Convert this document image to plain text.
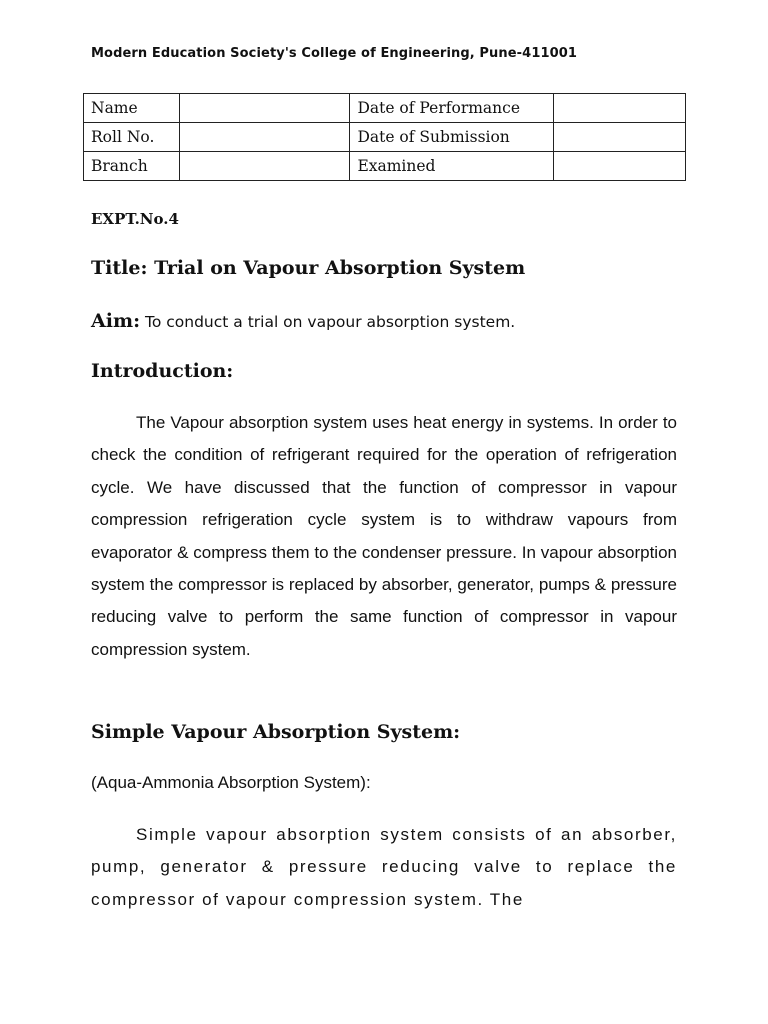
Modern Education Society's College of Engineering, Pune-411001
Name		Date of Performance	
Roll No.		Date of Submission	
Branch		Examined	
EXPT.No.4
Title: Trial on Vapour Absorption System
Aim: To conduct a trial on vapour absorption system.
Introduction:

The Vapour absorption system uses heat energy in systems. In order to check the condition of refrigerant required for the operation of refrigeration cycle. We have discussed that the function of compressor in vapour compression refrigeration cycle system is to withdraw vapours from evaporator & compress them to the condenser pressure. In vapour absorption system the compressor is replaced by absorber, generator, pumps & pressure reducing valve to perform the same function of compressor in vapour compression system.

Simple Vapour Absorption System:
(Aqua-Ammonia Absorption System):

Simple vapour absorption system consists of an absorber, pump, generator & pressure reducing valve to replace the compressor of vapour compression system. The
